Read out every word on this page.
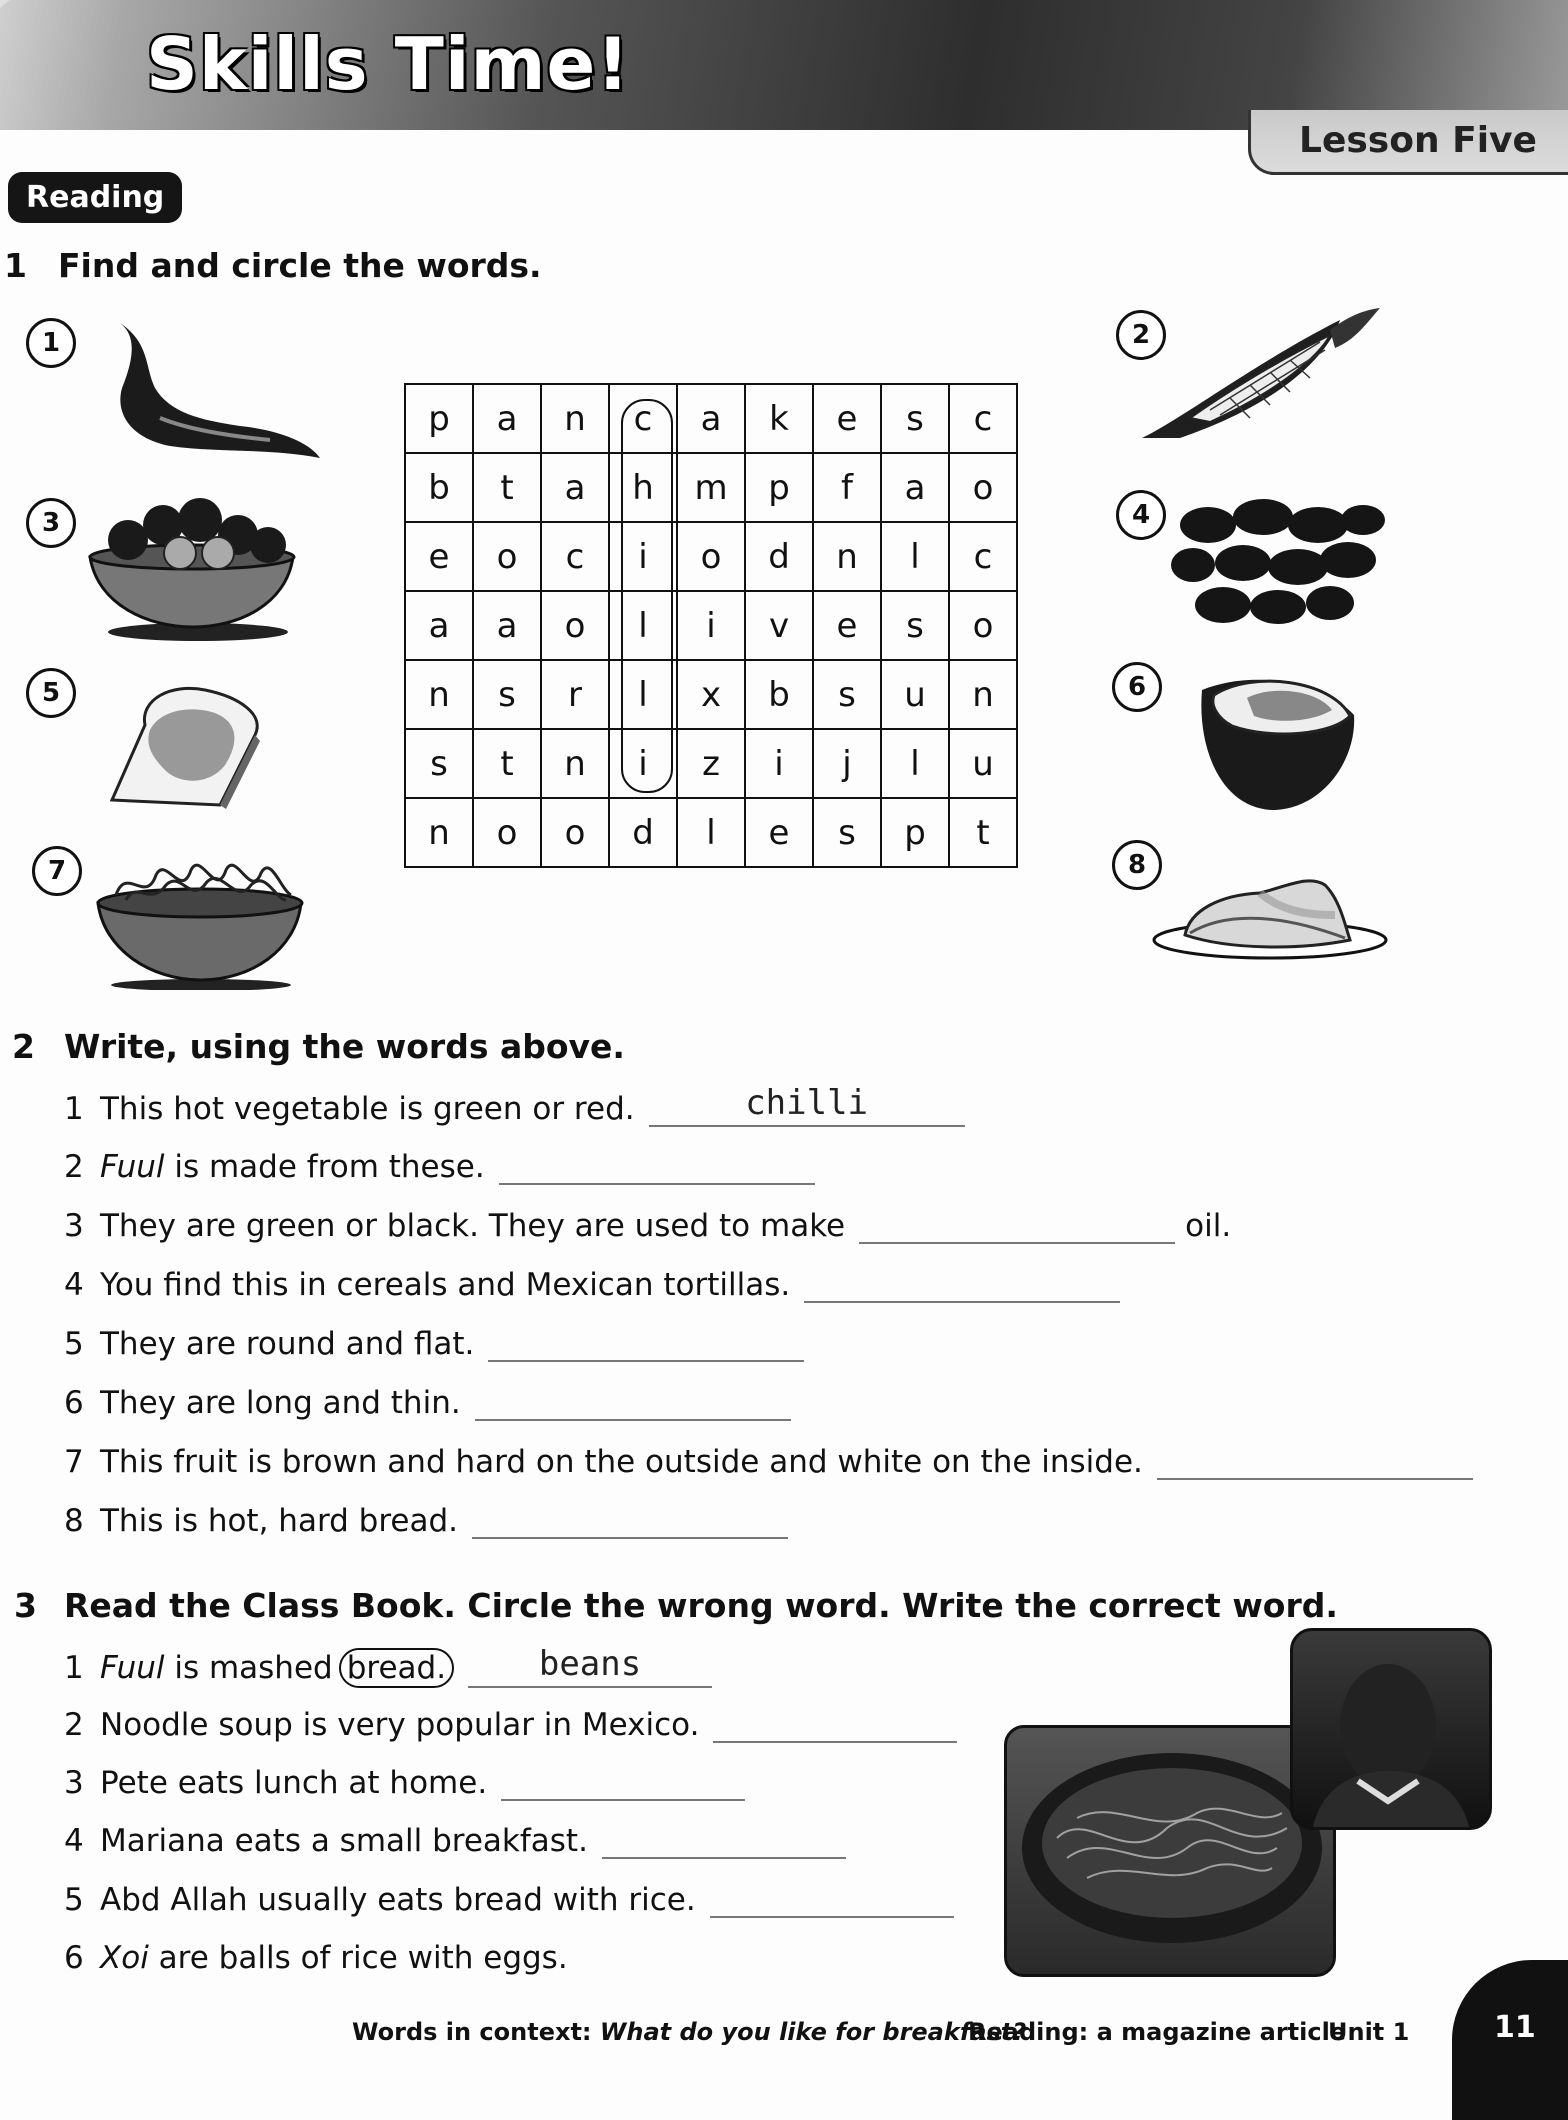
Skills Time!
Lesson Five
Reading
1 Find and circle the words.
p	a	n	c	a	k	e	s	c
b	t	a	h	m	p	f	a	o
e	o	c	i	o	d	n	l	c
a	a	o	l	i	v	e	s	o
n	s	r	l	x	b	s	u	n
s	t	n	i	z	i	j	l	u
n	o	o	d	l	e	s	p	t
1	2
3	4
5	6
7	8
2 Write, using the words above.
1 This hot vegetable is green or red.	chilli
2 Fuul is made from these.
3 They are green or black. They are used to make	oil.
4 You find this in cereals and Mexican tortillas.
5 They are round and flat.
6 They are long and thin.
7 This fruit is brown and hard on the outside and white on the inside.
8 This is hot, hard bread.
3 Read the Class Book. Circle the wrong word. Write the correct word.
1 Fuul is mashed bread.	beans
2 Noodle soup is very popular in Mexico.
3 Pete eats lunch at home.
4 Mariana eats a small breakfast.
5 Abd Allah usually eats bread with rice.
6 Xoi are balls of rice with eggs.
Words in context: What do you like for breakfast?
Reading: a magazine article
Unit 1	11
